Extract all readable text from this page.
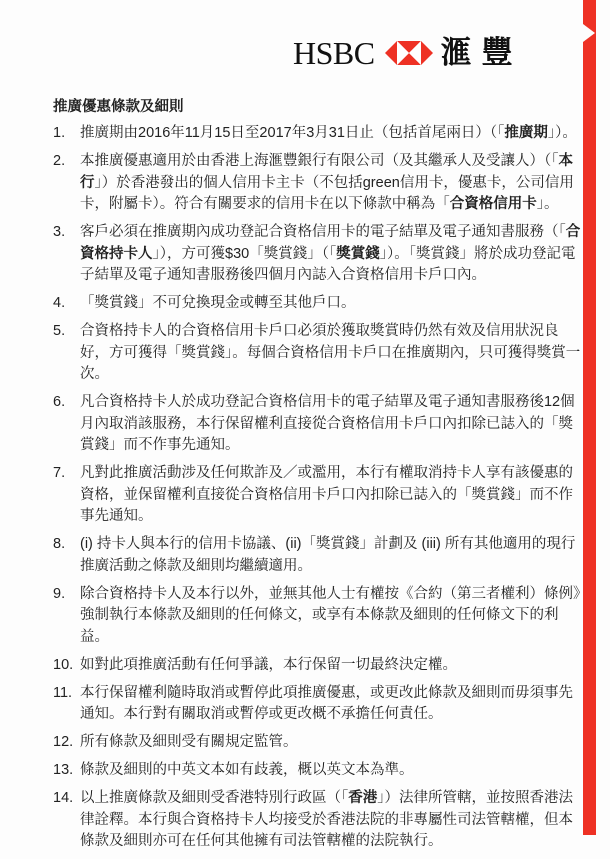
HSBC 滙豐
推廣優惠條款及細則
1. 推廣期由2016年11月15日至2017年3月31日止（包括首尾兩日）（「推廣期」）。
2. 本推廣優惠適用於由香港上海滙豐銀行有限公司（及其繼承人及受讓人）（「本行」）於香港發出的個人信用卡主卡（不包括green信用卡，優惠卡，公司信用卡，附屬卡）。符合有關要求的信用卡在以下條款中稱為「合資格信用卡」。
3. 客戶必須在推廣期內成功登記合資格信用卡的電子結單及電子通知書服務（「合資格持卡人」），方可獲$30「獎賞錢」（「獎賞錢」）。「獎賞錢」將於成功登記電子結單及電子通知書服務後四個月內誌入合資格信用卡戶口內。
4. 「獎賞錢」不可兌換現金或轉至其他戶口。
5. 合資格持卡人的合資格信用卡戶口必須於獲取獎賞時仍然有效及信用狀況良好，方可獲得「獎賞錢」。每個合資格信用卡戶口在推廣期內，只可獲得獎賞一次。
6. 凡合資格持卡人於成功登記合資格信用卡的電子結單及電子通知書服務後12個月內取消該服務，本行保留權利直接從合資格信用卡戶口內扣除已誌入的「獎賞錢」而不作事先通知。
7. 凡對此推廣活動涉及任何欺詐及／或濫用，本行有權取消持卡人享有該優惠的資格，並保留權利直接從合資格信用卡戶口內扣除已誌入的「獎賞錢」而不作事先通知。
8. (i) 持卡人與本行的信用卡協議、(ii)「獎賞錢」計劃及 (iii) 所有其他適用的現行推廣活動之條款及細則均繼續適用。
9. 除合資格持卡人及本行以外，並無其他人士有權按《合約（第三者權利）條例》強制執行本條款及細則的任何條文，或享有本條款及細則的任何條文下的利益。
10. 如對此項推廣活動有任何爭議，本行保留一切最終決定權。
11. 本行保留權利隨時取消或暫停此項推廣優惠，或更改此條款及細則而毋須事先通知。本行對有關取消或暫停或更改概不承擔任何責任。
12. 所有條款及細則受有關規定監管。
13. 條款及細則的中英文本如有歧義，概以英文本為準。
14. 以上推廣條款及細則受香港特別行政區（「香港」）法律所管轄，並按照香港法律詮釋。本行與合資格持卡人均接受於香港法院的非專屬性司法管轄權，但本條款及細則亦可在任何其他擁有司法管轄權的法院執行。
